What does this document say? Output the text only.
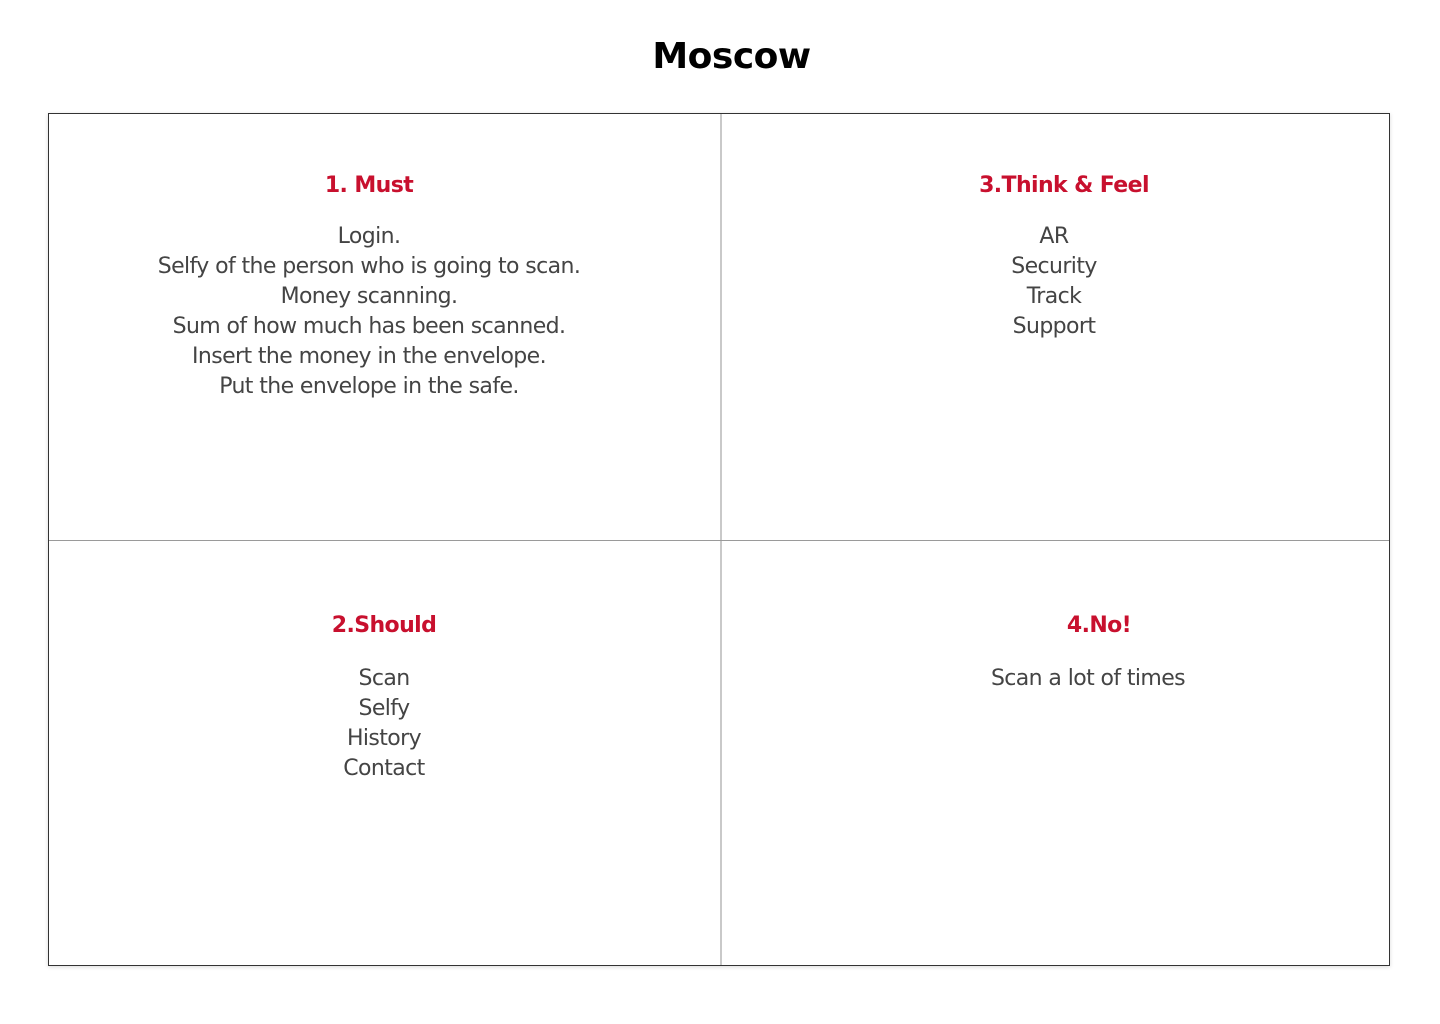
Moscow
1. Must
Login.
Selfy of the person who is going to scan.
Money scanning.
Sum of how much has been scanned.
Insert the money in the envelope.
Put the envelope in the safe.
3.Think & Feel
AR
Security
Track
Support
2.Should
Scan
Selfy
History
Contact
4.No!
Scan a lot of times
